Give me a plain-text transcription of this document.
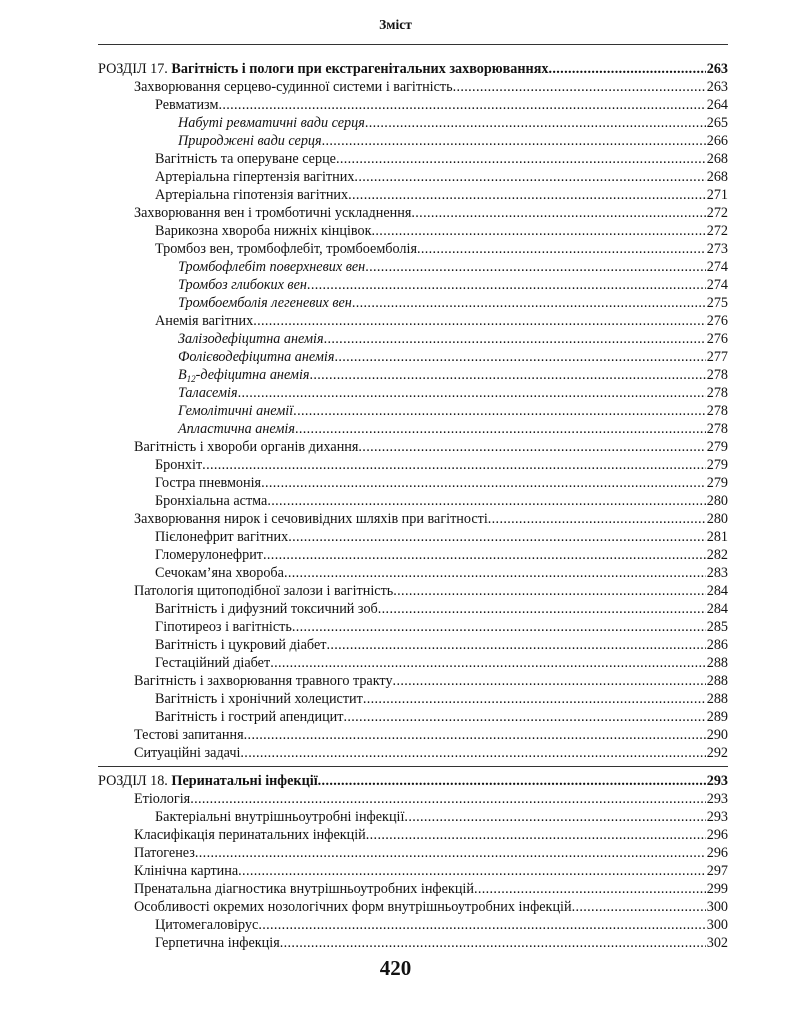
Зміст
РОЗДІЛ 17. Вагітність і пологи при екстрагенітальних захворюваннях . . .	263
Захворювання серцево-судинної системи і вагітність . . .	263
Ревматизм . . .	264
Набуті ревматичні вади серця . . .	265
Природжені вади серця . . .	266
Вагітність та оперуване серце . . .	268
Артеріальна гіпертензія вагітних . . .	268
Артеріальна гіпотензія вагітних . . .	271
Захворювання вен і тромботичні ускладнення . . .	272
Варикозна хвороба нижніх кінцівок . . .	272
Тромбоз вен, тромбофлебіт, тромбоемболія . . .	273
Тромбофлебіт поверхневих вен . . .	274
Тромбоз глибоких вен . . .	274
Тромбоемболія легеневих вен . . .	275
Анемія вагітних . . .	276
Залізодефіцитна анемія . . .	276
Фолієводефіцитна анемія . . .	277
$В_{12}$-дефіцитна анемія . . .	278
Таласемія . . .	278
Гемолітичні анемії . . .	278
Апластична анемія . . .	278
Вагітність і хвороби органів дихання . . .	279
Бронхіт . . .	279
Гостра пневмонія . . .	279
Бронхіальна астма . . .	280
Захворювання нирок і сечовивідних шляхів при вагітності . . .	280
Пієлонефрит вагітних . . .	281
Гломерулонефрит . . .	282
Сечокам’яна хвороба . . .	283
Патологія щитоподібної залози і вагітність . . .	284
Вагітність і дифузний токсичний зоб . . .	284
Гіпотиреоз і вагітність . . .	285
Вагітність і цукровий діабет . . .	286
Гестаційний діабет . . .	288
Вагітність і захворювання травного тракту . . .	288
Вагітність і хронічний холецистит . . .	288
Вагітність і гострий апендицит . . .	289
Тестові запитання . . .	290
Ситуаційні задачі . . .	292
РОЗДІЛ 18. Перинатальні інфекції . . .	293
Етіологія . . .	293
Бактеріальні внутрішньоутробні інфекції . . .	293
Класифікація перинатальних інфекцій . . .	296
Патогенез . . .	296
Клінічна картина . . .	297
Пренатальна діагностика внутрішньоутробних інфекцій . . .	299
Особливості окремих нозологічних форм внутрішньоутробних інфекцій . . .	300
Цитомегаловірус . . .	300
Герпетична інфекція . . .	302
420
